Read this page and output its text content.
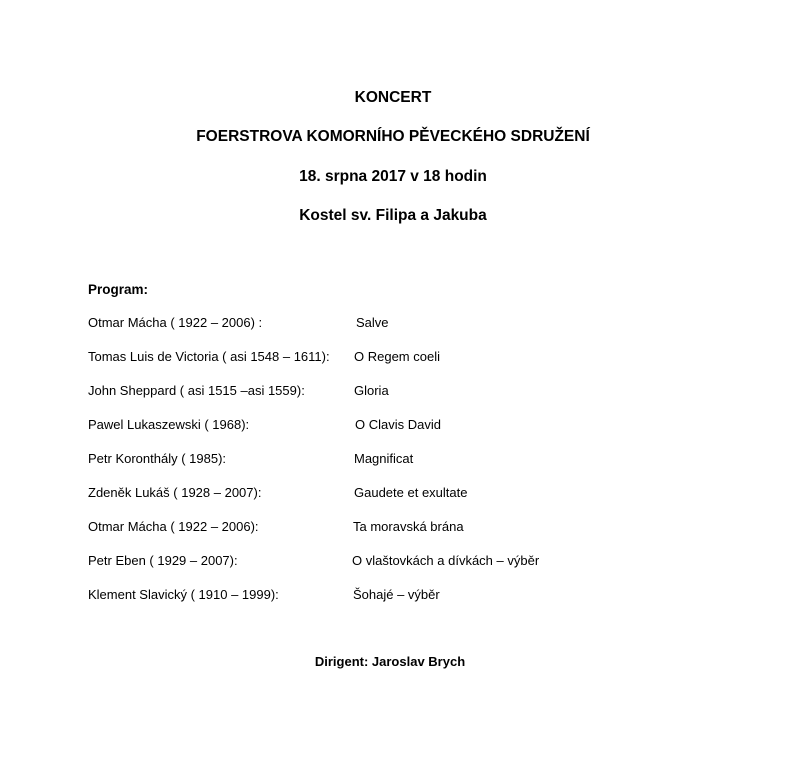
KONCERT
FOERSTROVA KOMORNÍHO PĚVECKÉHO SDRUŽENÍ
18. srpna 2017 v 18 hodin
Kostel sv. Filipa a Jakuba
Program:
Otmar Mácha ( 1922 – 2006) :	Salve
Tomas Luis de Victoria ( asi 1548 – 1611): O Regem coeli
John Sheppard ( asi 1515 –asi 1559):	Gloria
Pawel Lukaszewski ( 1968):	O Clavis David
Petr Koronthály ( 1985):	Magnificat
Zdeněk Lukáš ( 1928 – 2007):	Gaudete et exultate
Otmar Mácha ( 1922 – 2006):	Ta moravská brána
Petr Eben ( 1929 – 2007):	O vlaštovkách a dívkách – výběr
Klement Slavický ( 1910 – 1999):	Šohajé – výběr
Dirigent: Jaroslav Brych
